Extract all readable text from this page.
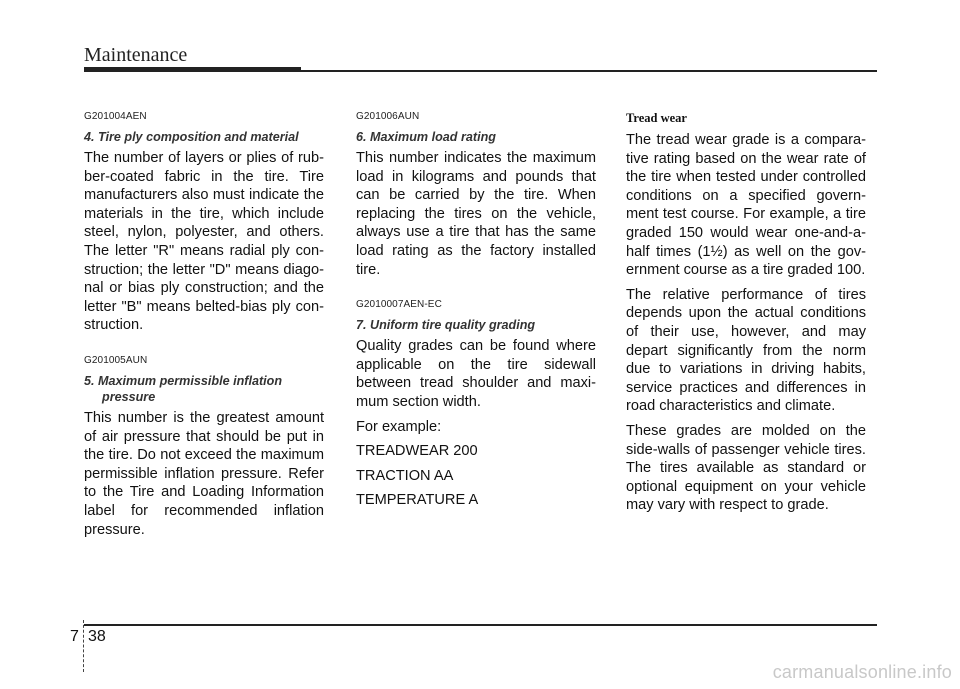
Maintenance
G201004AEN
4. Tire ply composition and material

The number of layers or plies of rub-ber-coated fabric in the tire. Tire manufacturers also must indicate the materials in the tire, which include steel, nylon, polyester, and others. The letter "R" means radial ply con-struction; the letter "D" means diago-nal or bias ply construction; and the letter "B" means belted-bias ply con-struction.

G201005AUN
5. Maximum permissible inflation
pressure

This number is the greatest amount of air pressure that should be put in the tire. Do not exceed the maximum permissible inflation pressure. Refer to the Tire and Loading Information label for recommended inflation pressure.

G201006AUN
6. Maximum load rating

This number indicates the maximum load in kilograms and pounds that can be carried by the tire. When replacing the tires on the vehicle, always use a tire that has the same load rating as the factory installed tire.

G2010007AEN-EC
7. Uniform tire quality grading

Quality grades can be found where applicable on the tire sidewall between tread shoulder and maxi-mum section width.

For example:
TREADWEAR 200
TRACTION AA
TEMPERATURE A
Tread wear

The tread wear grade is a compara-tive rating based on the wear rate of the tire when tested under controlled conditions on a specified govern-ment test course. For example, a tire graded 150 would wear one-and-a-half times (1½) as well on the gov-ernment course as a tire graded 100.

The relative performance of tires depends upon the actual conditions of their use, however, and may depart significantly from the norm due to variations in driving habits, service practices and differences in road characteristics and climate.

These grades are molded on the side-walls of passenger vehicle tires. The tires available as standard or optional equipment on your vehicle may vary with respect to grade.

7 38
carmanualsonline.info
